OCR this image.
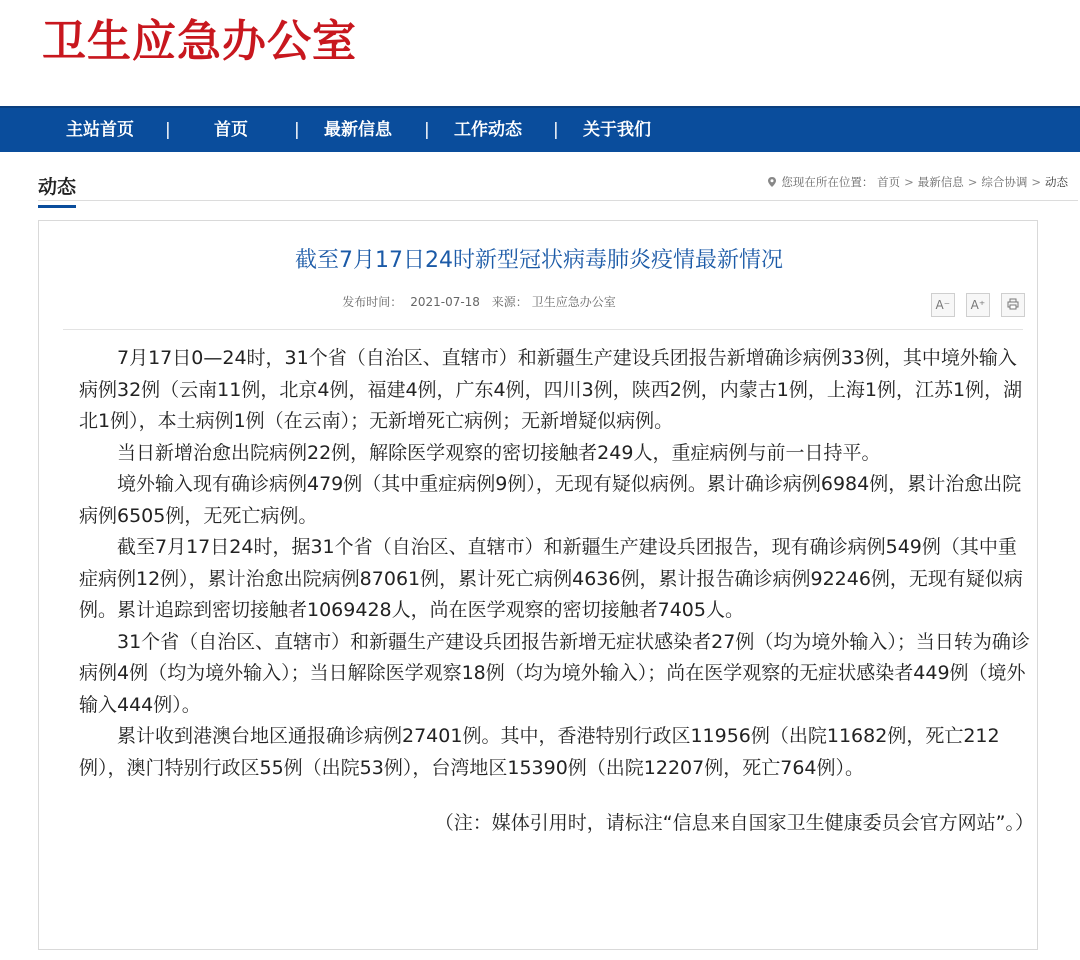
卫生应急办公室
主站首页 |	首页	| 最新信息 | 工作动态 | 关于我们
动态	您现在所在位置： 首页 > 最新信息 > 综合协调 > 动态
截至7月17日24时新型冠状病毒肺炎疫情最新情况
发布时间： 2021-07-18 来源： 卫生应急办公室	A⁻ A⁺

7月17日0—24时，31个省（自治区、直辖市）和新疆生产建设兵团报告新增确诊病例33例，其中境外输入病例32例（云南11例，北京4例，福建4例，广东4例，四川3例，陕西2例，内蒙古1例，上海1例，江苏1例，湖北1例），本土病例1例（在云南）；无新增死亡病例；无新增疑似病例。

当日新增治愈出院病例22例，解除医学观察的密切接触者249人，重症病例与前一日持平。

境外输入现有确诊病例479例（其中重症病例9例），无现有疑似病例。累计确诊病例6984例，累计治愈出院病例6505例，无死亡病例。

截至7月17日24时，据31个省（自治区、直辖市）和新疆生产建设兵团报告，现有确诊病例549例（其中重症病例12例），累计治愈出院病例87061例，累计死亡病例4636例，累计报告确诊病例92246例，无现有疑似病例。累计追踪到密切接触者1069428人，尚在医学观察的密切接触者7405人。

31个省（自治区、直辖市）和新疆生产建设兵团报告新增无症状感染者27例（均为境外输入）；当日转为确诊病例4例（均为境外输入）；当日解除医学观察18例（均为境外输入）；尚在医学观察的无症状感染者449例（境外输入444例）。

累计收到港澳台地区通报确诊病例27401例。其中，香港特别行政区11956例（出院11682例，死亡212例），澳门特别行政区55例（出院53例），台湾地区15390例（出院12207例，死亡764例）。

（注：媒体引用时，请标注“信息来自国家卫生健康委员会官方网站”。）
